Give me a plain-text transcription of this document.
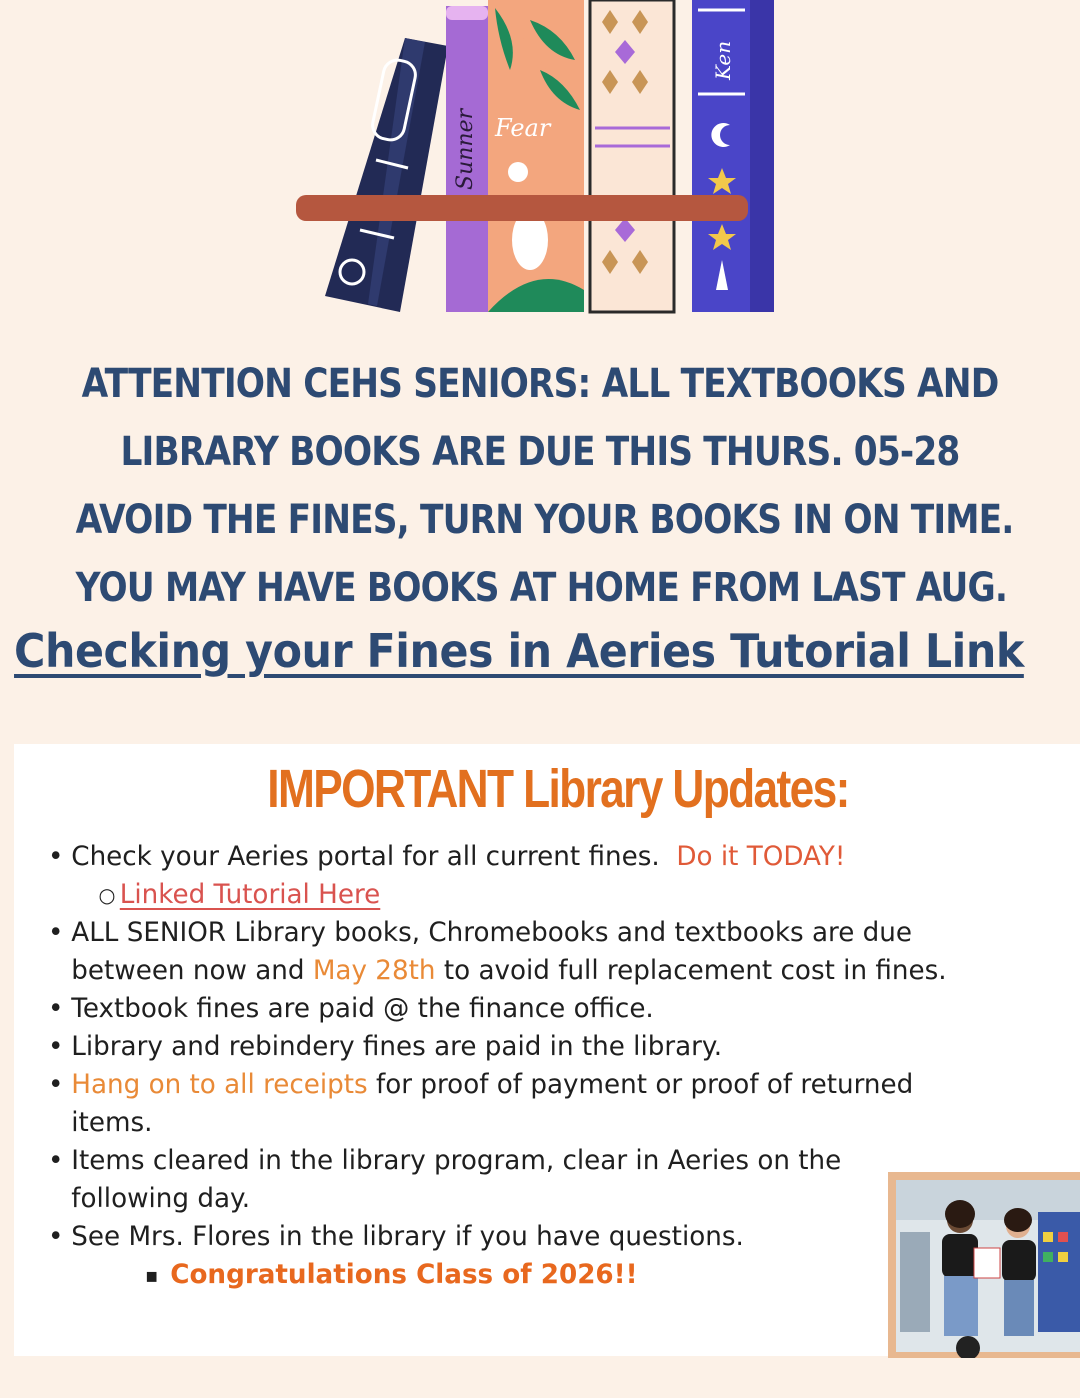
Sunner Fear
Ken
ATTENTION CEHS SENIORS: ALL TEXTBOOKS AND
LIBRARY BOOKS ARE DUE THIS THURS. 05-28
AVOID THE FINES, TURN YOUR BOOKS IN ON TIME.
YOU MAY HAVE BOOKS AT HOME FROM LAST AUG.
Checking your Fines in Aeries Tutorial Link
IMPORTANT Library Updates:
• Check your Aeries portal for all current fines. Do it TODAY!
○ Linked Tutorial Here
• ALL SENIOR Library books, Chromebooks and textbooks are due
between now and May 28th to avoid full replacement cost in fines.
• Textbook fines are paid @ the finance office.
• Library and rebindery fines are paid in the library.
• Hang on to all receipts for proof of payment or proof of returned
items.
• Items cleared in the library program, clear in Aeries on the
following day.
• See Mrs. Flores in the library if you have questions.
▪ Congratulations Class of 2026!!
